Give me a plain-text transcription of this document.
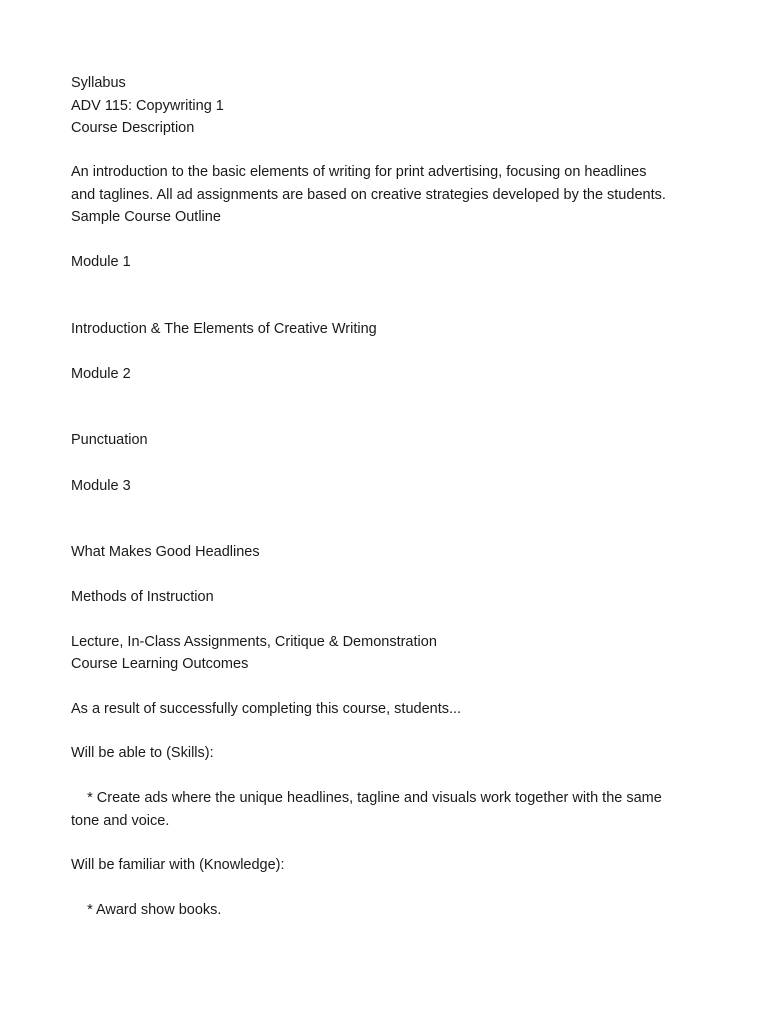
Syllabus
ADV 115: Copywriting 1
Course Description
An introduction to the basic elements of writing for print advertising, focusing on headlines
and taglines. All ad assignments are based on creative strategies developed by the students.
Sample Course Outline
Module 1
Introduction & The Elements of Creative Writing
Module 2
Punctuation
Module 3
What Makes Good Headlines
Methods of Instruction
Lecture, In-Class Assignments, Critique & Demonstration
Course Learning Outcomes
As a result of successfully completing this course, students...
Will be able to (Skills):
* Create ads where the unique headlines, tagline and visuals work together with the same
tone and voice.
Will be familiar with (Knowledge):
* Award show books.
